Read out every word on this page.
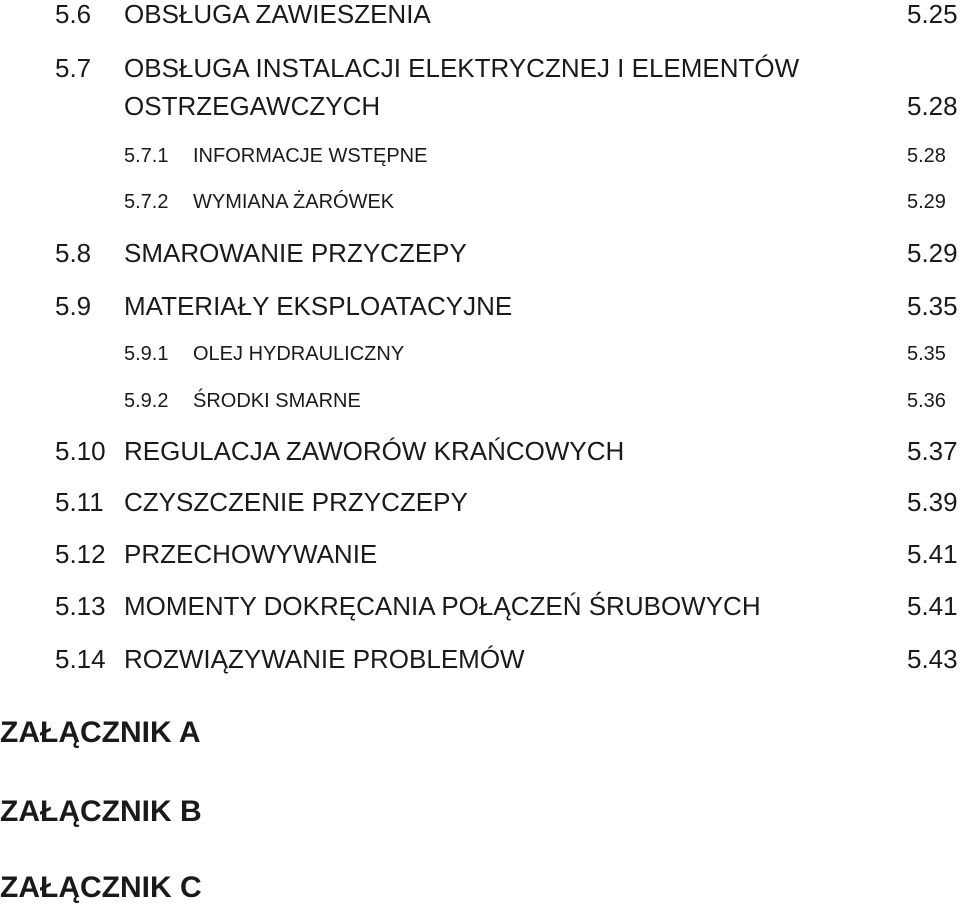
5.6 OBSŁUGA ZAWIESZENIA	5.25
5.7 OBSŁUGA INSTALACJI ELEKTRYCZNEJ I ELEMENTÓW
OSTRZEGAWCZYCH	5.28
5.7.1 INFORMACJE WSTĘPNE	5.28
5.7.2 WYMIANA ŻARÓWEK	5.29
5.8 SMAROWANIE PRZYCZEPY	5.29
5.9 MATERIAŁY EKSPLOATACYJNE	5.35
5.9.1 OLEJ HYDRAULICZNY	5.35
5.9.2 ŚRODKI SMARNE	5.36
5.10 REGULACJA ZAWORÓW KRAŃCOWYCH	5.37
5.11 CZYSZCZENIE PRZYCZEPY	5.39
5.12 PRZECHOWYWANIE	5.41
5.13 MOMENTY DOKRĘCANIA POŁĄCZEŃ ŚRUBOWYCH	5.41
5.14 ROZWIĄZYWANIE PROBLEMÓW	5.43
ZAŁĄCZNIK A
ZAŁĄCZNIK B
ZAŁĄCZNIK C
